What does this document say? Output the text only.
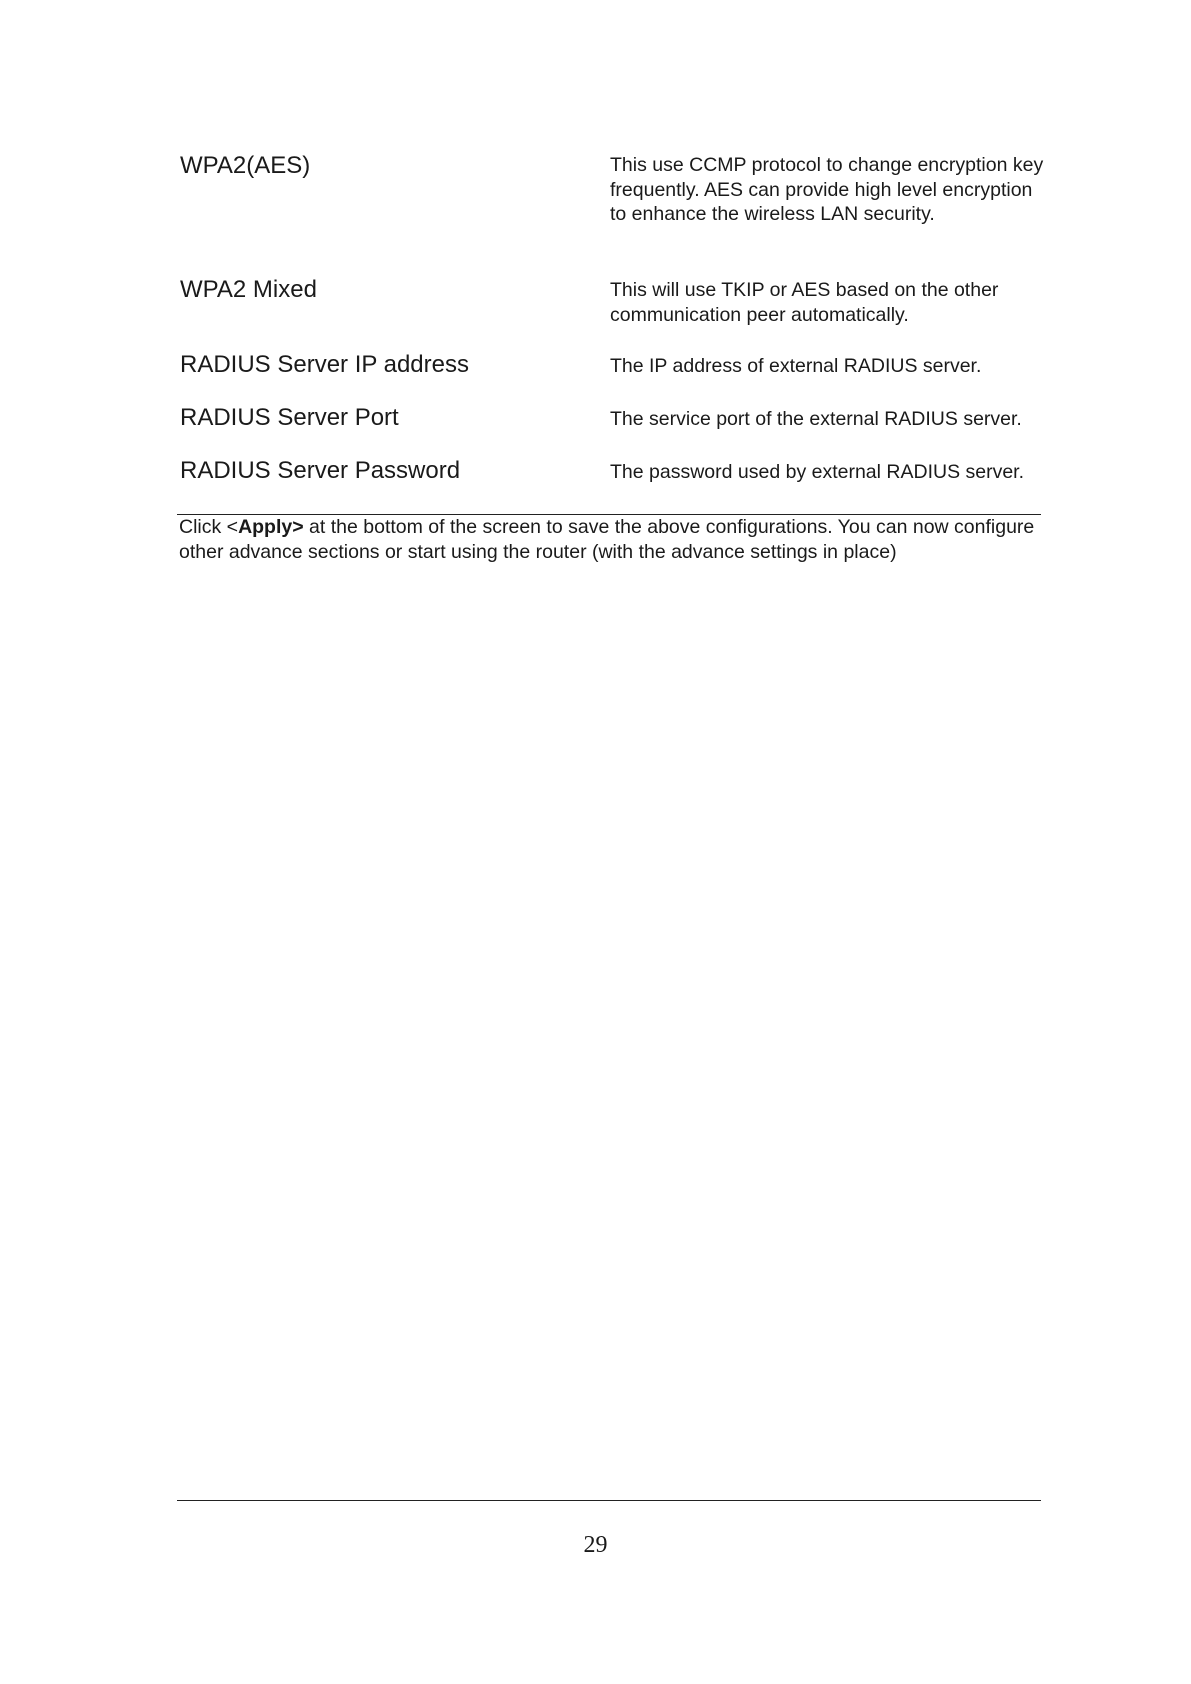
WPA2(AES)	This use CCMP protocol to change encryption key frequently. AES can provide high level encryption to enhance the wireless LAN security.
WPA2 Mixed	This will use TKIP or AES based on the other communication peer automatically.
RADIUS Server IP address	The IP address of external RADIUS server.
RADIUS Server Port	The service port of the external RADIUS server.
RADIUS Server Password	The password used by external RADIUS server.
Click <Apply> at the bottom of the screen to save the above configurations. You can now configure other advance sections or start using the router (with the advance settings in place)
29
